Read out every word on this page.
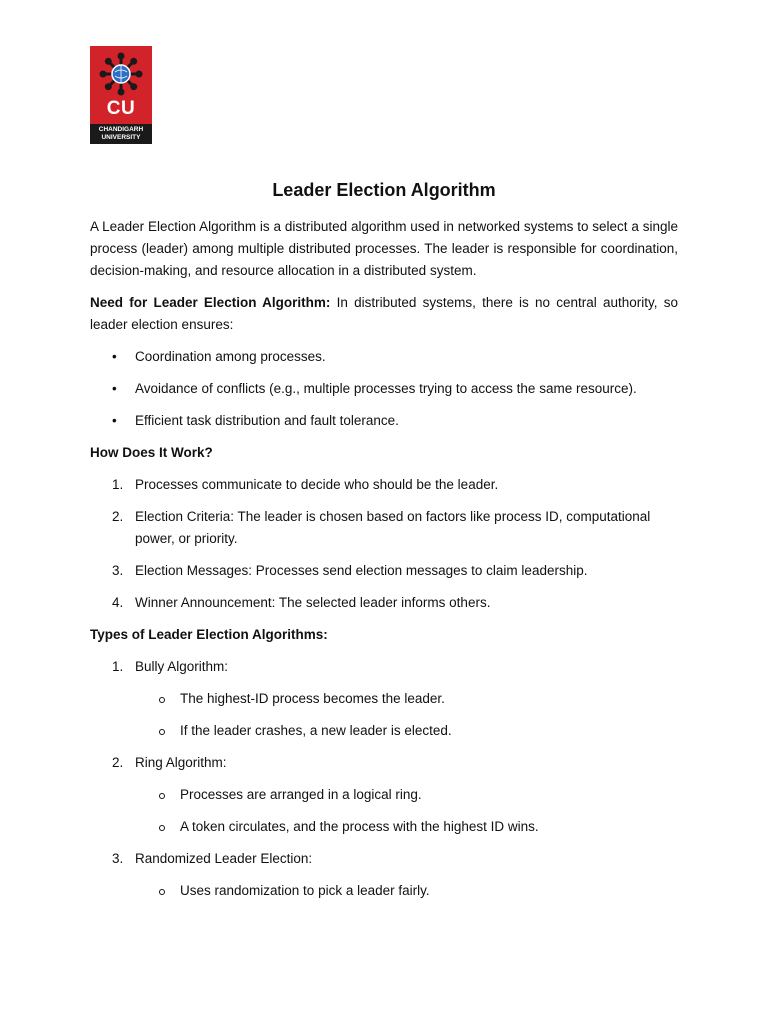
CU
CHANDIGARH
UNIVERSITY
Leader Election Algorithm

A Leader Election Algorithm is a distributed algorithm used in networked systems to select a single process (leader) among multiple distributed processes. The leader is responsible for coordination, decision-making, and resource allocation in a distributed system.

Need for Leader Election Algorithm: In distributed systems, there is no central authority, so leader election ensures:

• Coordination among processes.
• Avoidance of conflicts (e.g., multiple processes trying to access the same resource).
• Efficient task distribution and fault tolerance.

How Does It Work?

1. Processes communicate to decide who should be the leader.
2. Election Criteria: The leader is chosen based on factors like process ID, computational power, or priority.
3. Election Messages: Processes send election messages to claim leadership.
4. Winner Announcement: The selected leader informs others.

Types of Leader Election Algorithms:

1. Bully Algorithm:
The highest-ID process becomes the leader.
If the leader crashes, a new leader is elected.
2. Ring Algorithm:
Processes are arranged in a logical ring.
A token circulates, and the process with the highest ID wins.
3. Randomized Leader Election:
Uses randomization to pick a leader fairly.
